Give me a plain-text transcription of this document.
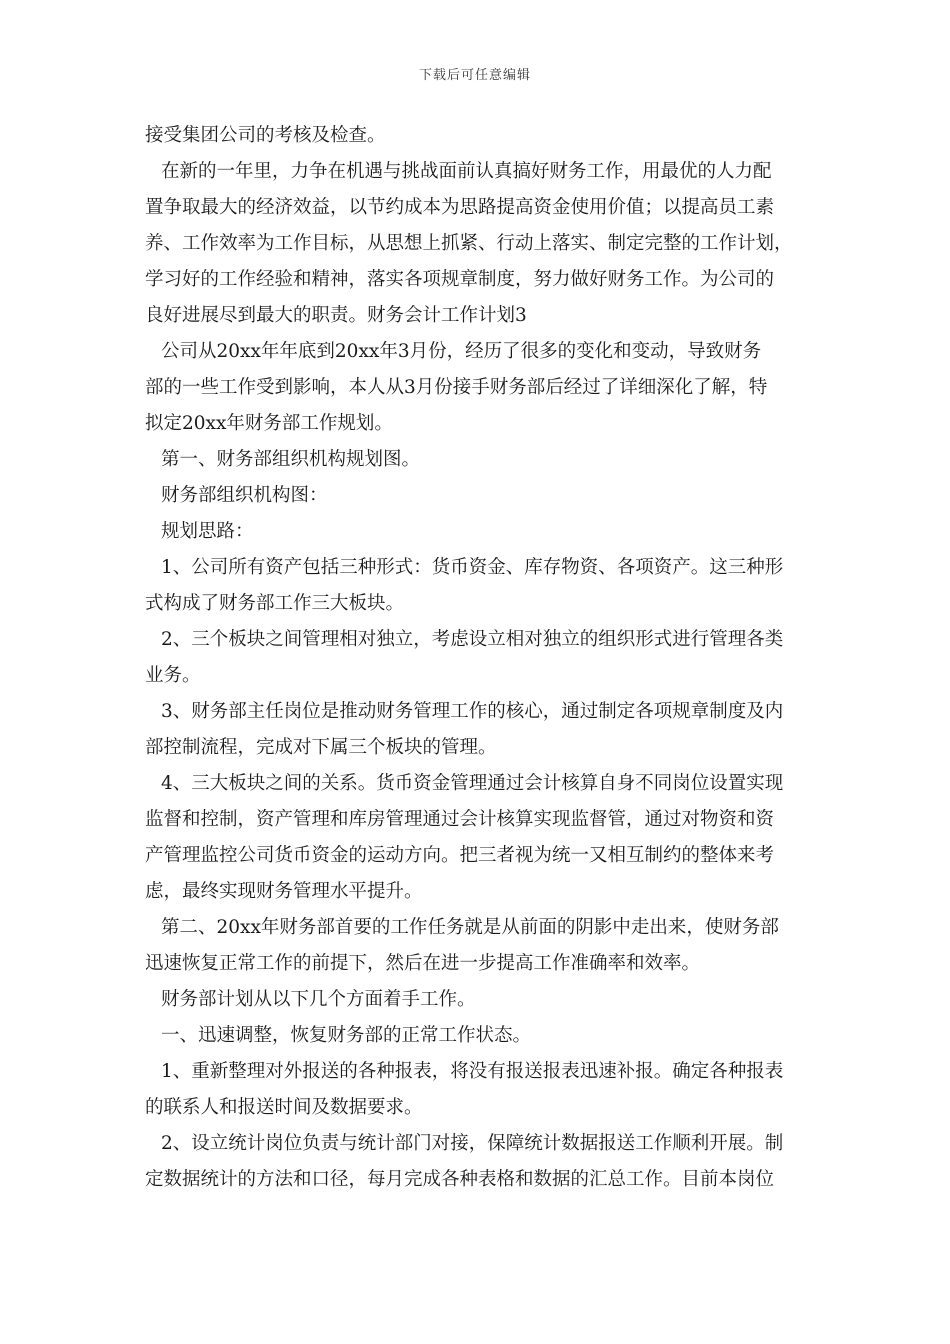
下载后可任意编辑
接受集团公司的考核及检查。
在新的一年里，力争在机遇与挑战面前认真搞好财务工作，用最优的人力配
置争取最大的经济效益，以节约成本为思路提高资金使用价值；以提高员工素
养、工作效率为工作目标，从思想上抓紧、行动上落实、制定完整的工作计划，
学习好的工作经验和精神，落实各项规章制度，努力做好财务工作。为公司的
良好进展尽到最大的职责。财务会计工作计划3
公司从20xx年年底到20xx年3月份，经历了很多的变化和变动，导致财务
部的一些工作受到影响，本人从3月份接手财务部后经过了详细深化了解，特
拟定20xx年财务部工作规划。
第一、财务部组织机构规划图。
财务部组织机构图：
规划思路：
1、公司所有资产包括三种形式：货币资金、库存物资、各项资产。这三种形
式构成了财务部工作三大板块。
2、三个板块之间管理相对独立，考虑设立相对独立的组织形式进行管理各类
业务。
3、财务部主任岗位是推动财务管理工作的核心，通过制定各项规章制度及内
部控制流程，完成对下属三个板块的管理。
4、三大板块之间的关系。货币资金管理通过会计核算自身不同岗位设置实现
监督和控制，资产管理和库房管理通过会计核算实现监督管，通过对物资和资
产管理监控公司货币资金的运动方向。把三者视为统一又相互制约的整体来考
虑，最终实现财务管理水平提升。
第二、20xx年财务部首要的工作任务就是从前面的阴影中走出来，使财务部
迅速恢复正常工作的前提下，然后在进一步提高工作准确率和效率。
财务部计划从以下几个方面着手工作。
一、迅速调整，恢复财务部的正常工作状态。
1、重新整理对外报送的各种报表，将没有报送报表迅速补报。确定各种报表
的联系人和报送时间及数据要求。
2、设立统计岗位负责与统计部门对接，保障统计数据报送工作顺利开展。制
定数据统计的方法和口径，每月完成各种表格和数据的汇总工作。目前本岗位
